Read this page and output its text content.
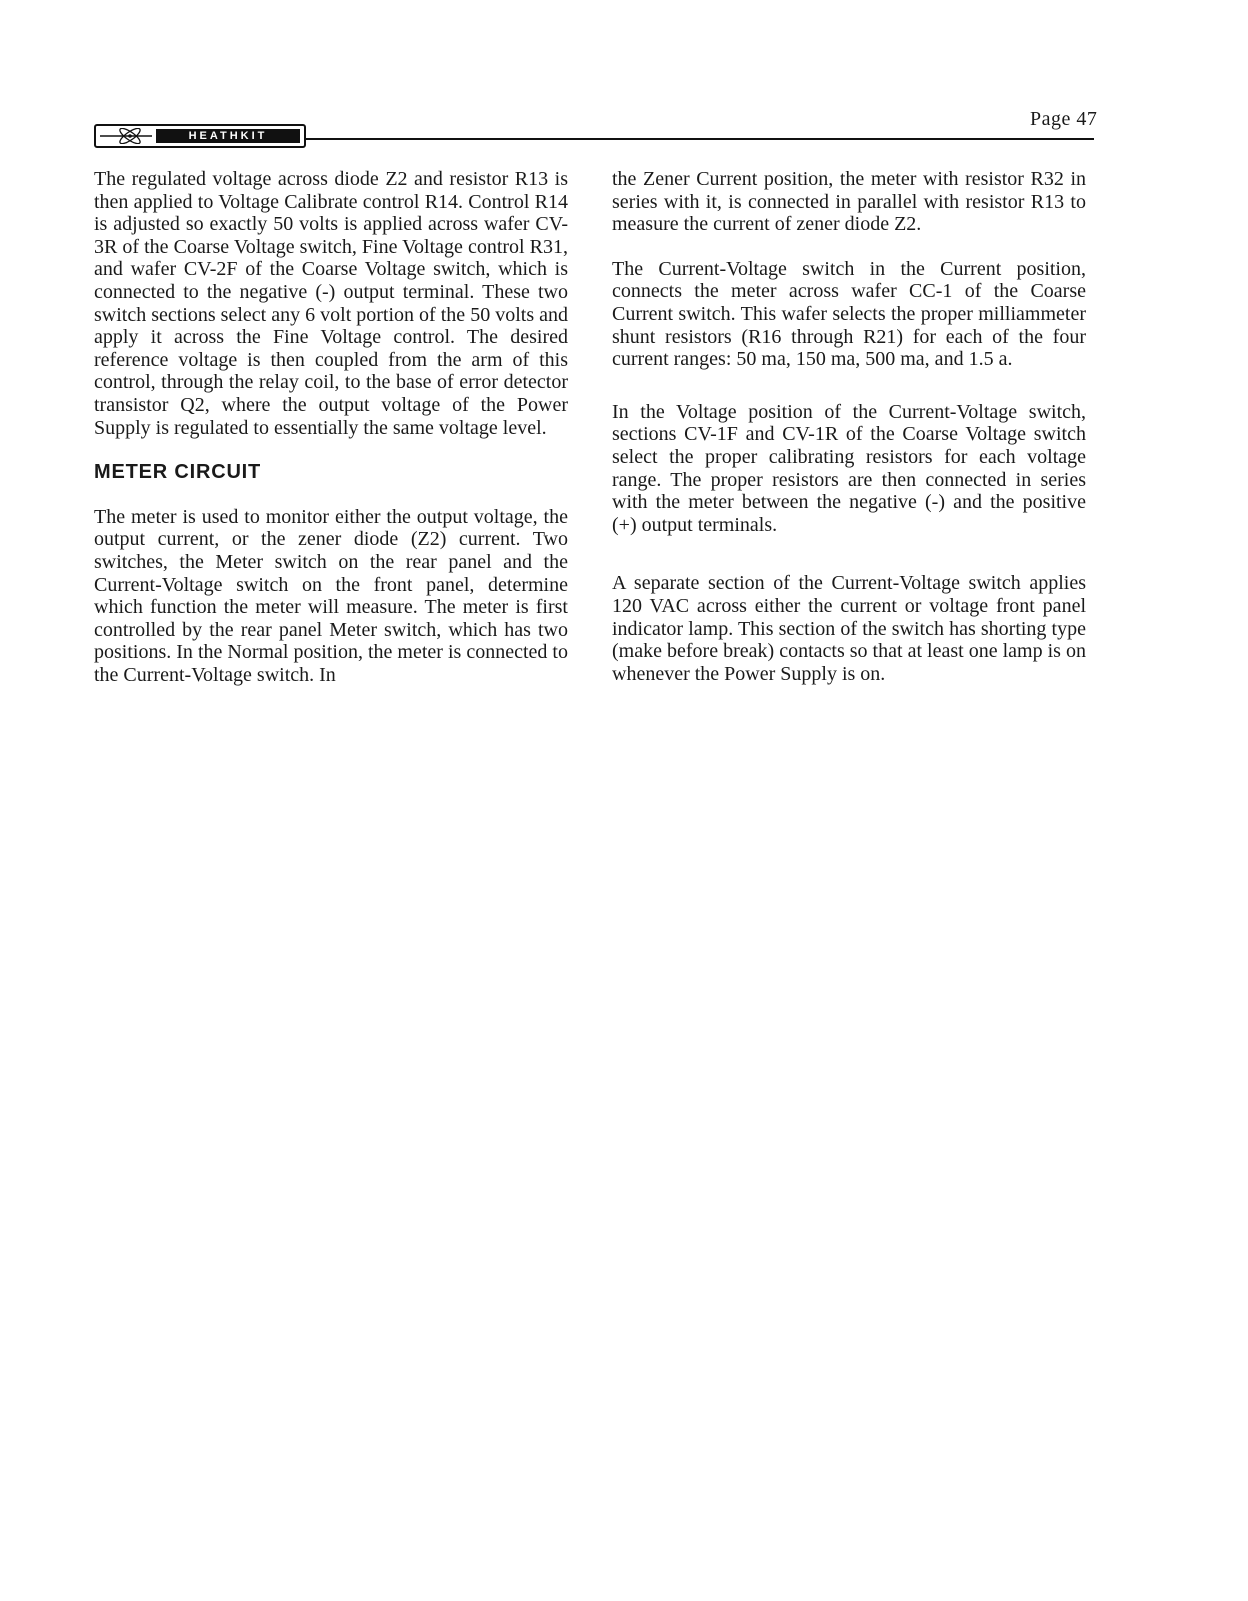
Page 47
HEATHKIT

The regulated voltage across diode Z2 and resistor R13 is then applied to Voltage Calibrate control R14. Control R14 is adjusted so exactly 50 volts is applied across wafer CV-3R of the Coarse Voltage switch, Fine Voltage control R31, and wafer CV-2F of the Coarse Voltage switch, which is connected to the negative (-) output terminal. These two switch sections select any 6 volt portion of the 50 volts and apply it across the Fine Voltage control. The desired reference voltage is then coupled from the arm of this control, through the relay coil, to the base of error detector transistor Q2, where the output voltage of the Power Supply is regulated to essentially the same voltage level.

METER CIRCUIT

The meter is used to monitor either the output voltage, the output current, or the zener diode (Z2) current. Two switches, the Meter switch on the rear panel and the Current-Voltage switch on the front panel, determine which function the meter will measure. The meter is first controlled by the rear panel Meter switch, which has two positions. In the Normal position, the meter is connected to the Current-Voltage switch. In

the Zener Current position, the meter with resistor R32 in series with it, is connected in parallel with resistor R13 to measure the current of zener diode Z2.

The Current-Voltage switch in the Current position, connects the meter across wafer CC-1 of the Coarse Current switch. This wafer selects the proper milliammeter shunt resistors (R16 through R21) for each of the four current ranges: 50 ma, 150 ma, 500 ma, and 1.5 a.

In the Voltage position of the Current-Voltage switch, sections CV-1F and CV-1R of the Coarse Voltage switch select the proper calibrating resistors for each voltage range. The proper resistors are then connected in series with the meter between the negative (-) and the positive (+) output terminals.

A separate section of the Current-Voltage switch applies 120 VAC across either the current or voltage front panel indicator lamp. This section of the switch has shorting type (make before break) contacts so that at least one lamp is on whenever the Power Supply is on.
